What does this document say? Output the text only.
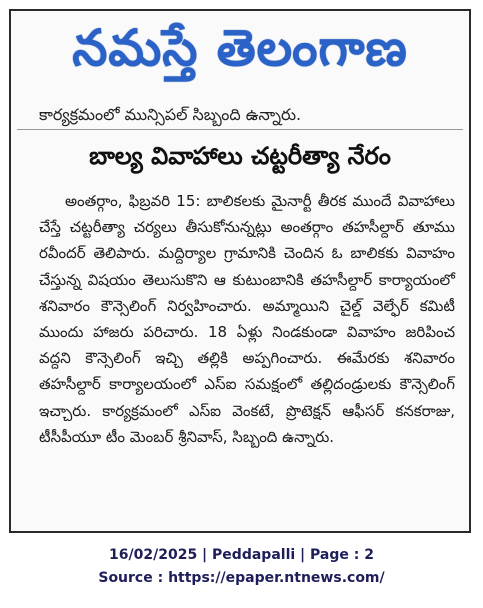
నమస్తే తెలంగాణ
కార్యక్రమంలో మున్సిపల్ సిబ్బంది ఉన్నారు.
బాల్య వివాహాలు చట్టరీత్యా నేరం

అంతర్గాం, ఫిబ్రవరి 15: బాలికలకు మైనార్టీ తీరక ముందే వివాహాలు చేస్తే చట్టరీత్యా చర్యలు తీసుకోనున్నట్లు అంతర్గాం తహసీల్దార్ తూము రవీందర్ తెలిపారు. మద్దిర్యాల గ్రామానికి చెందిన ఓ బాలికకు వివాహం చేస్తున్న విషయం తెలుసుకొని ఆ కుటుంబానికి తహసీల్దార్ కార్యాయంలో శనివారం కౌన్సెలింగ్ నిర్వహించారు. అమ్మాయిని చైల్డ్ వెల్ఫేర్ కమిటీ ముందు హాజరు పరిచారు. 18 ఏళ్లు నిండకుండా వివాహం జరిపించ వద్దని కౌన్సెలింగ్ ఇచ్చి తల్లికి అప్పగించారు. ఈమేరకు శనివారం తహసీల్దార్ కార్యాలయంలో ఎస్ఐ సమక్షంలో తల్లిదండ్రులకు కౌన్సెలింగ్ ఇచ్చారు. కార్యక్రమంలో ఎస్ఐ వెంకటే, ప్రొటెక్షన్ ఆఫీసర్ కనకరాజు, టీసీపీయూ టీం మెంబర్ శ్రీనివాస్, సిబ్బంది ఉన్నారు.

16/02/2025 | Peddapalli | Page : 2
Source : https://epaper.ntnews.com/
